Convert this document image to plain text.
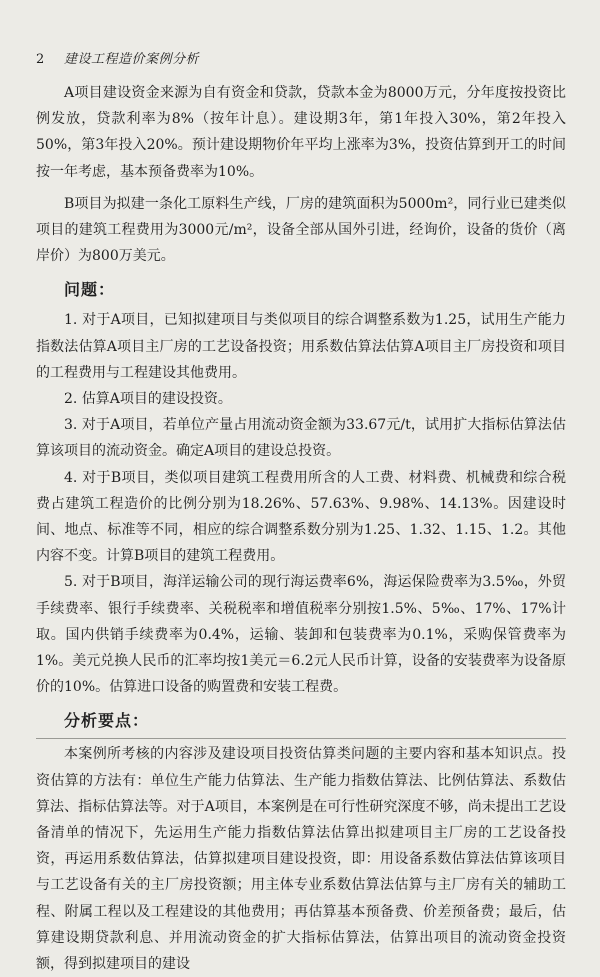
2	建设工程造价案例分析

A项目建设资金来源为自有资金和贷款，贷款本金为8000万元，分年度按投资比例发放，贷款利率为8%（按年计息）。建设期3年，第1年投入30%，第2年投入50%，第3年投入20%。预计建设期物价年平均上涨率为3%，投资估算到开工的时间按一年考虑，基本预备费率为10%。

B项目为拟建一条化工原料生产线，厂房的建筑面积为5000m²，同行业已建类似项目的建筑工程费用为3000元/m²，设备全部从国外引进，经询价，设备的货价（离岸价）为800万美元。

问题：

1. 对于A项目，已知拟建项目与类似项目的综合调整系数为1.25，试用生产能力指数法估算A项目主厂房的工艺设备投资；用系数估算法估算A项目主厂房投资和项目的工程费用与工程建设其他费用。

2. 估算A项目的建设投资。

3. 对于A项目，若单位产量占用流动资金额为33.67元/t，试用扩大指标估算法估算该项目的流动资金。确定A项目的建设总投资。

4. 对于B项目，类似项目建筑工程费用所含的人工费、材料费、机械费和综合税费占建筑工程造价的比例分别为18.26%、57.63%、9.98%、14.13%。因建设时间、地点、标准等不同，相应的综合调整系数分别为1.25、1.32、1.15、1.2。其他内容不变。计算B项目的建筑工程费用。

5. 对于B项目，海洋运输公司的现行海运费率6%，海运保险费率为3.5‰，外贸手续费率、银行手续费率、关税税率和增值税率分别按1.5%、5‰、17%、17%计取。国内供销手续费率为0.4%，运输、装卸和包装费率为0.1%，采购保管费率为1%。美元兑换人民币的汇率均按1美元＝6.2元人民币计算，设备的安装费率为设备原价的10%。估算进口设备的购置费和安装工程费。

分析要点：

本案例所考核的内容涉及建设项目投资估算类问题的主要内容和基本知识点。投资估算的方法有：单位生产能力估算法、生产能力指数估算法、比例估算法、系数估算法、指标估算法等。对于A项目，本案例是在可行性研究深度不够，尚未提出工艺设备清单的情况下，先运用生产能力指数估算法估算出拟建项目主厂房的工艺设备投资，再运用系数估算法，估算拟建项目建设投资，即：用设备系数估算法估算该项目与工艺设备有关的主厂房投资额；用主体专业系数估算法估算与主厂房有关的辅助工程、附属工程以及工程建设的其他费用；再估算基本预备费、价差预备费；最后，估算建设期贷款利息、并用流动资金的扩大指标估算法，估算出项目的流动资金投资额，得到拟建项目的建设
